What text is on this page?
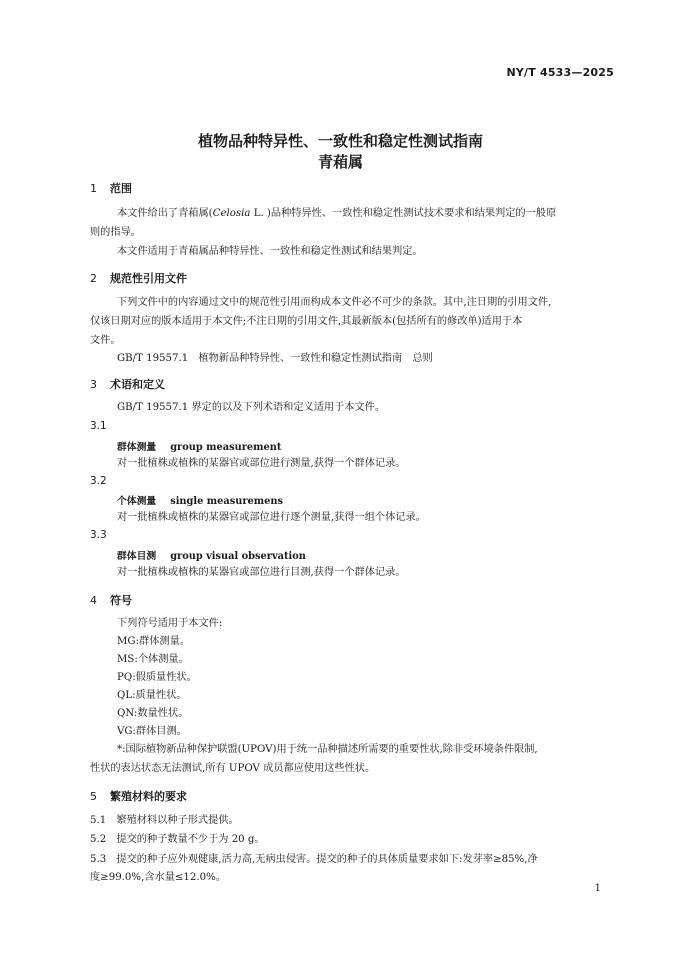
NY/T 4533—2025
植物品种特异性、一致性和稳定性测试指南
青葙属
1 范围
本文件给出了青葙属(Celosia L. )品种特异性、一致性和稳定性测试技术要求和结果判定的一般原
则的指导。
本文件适用于青葙属品种特异性、一致性和稳定性测试和结果判定。
2 规范性引用文件
下列文件中的内容通过文中的规范性引用而构成本文件必不可少的条款。其中,注日期的引用文件,
仅该日期对应的版本适用于本文件;不注日期的引用文件,其最新版本(包括所有的修改单)适用于本
文件。
GB/T 19557.1　植物新品种特异性、一致性和稳定性测试指南　总则
3 术语和定义
GB/T 19557.1 界定的以及下列术语和定义适用于本文件。
3.1
群体测量 group measurement
对一批植株或植株的某器官或部位进行测量,获得一个群体记录。
3.2
个体测量 single measuremens
对一批植株或植株的某器官或部位进行逐个测量,获得一组个体记录。
3.3
群体目测 group visual observation
对一批植株或植株的某器官或部位进行目测,获得一个群体记录。
4 符号
下列符号适用于本文件:
MG:群体测量。
MS:个体测量。
PQ:假质量性状。
QL:质量性状。
QN:数量性状。
VG:群体目测。
*:国际植物新品种保护联盟(UPOV)用于统一品种描述所需要的重要性状,除非受环境条件限制,
性状的表达状态无法测试,所有 UPOV 成员都应使用这些性状。
5 繁殖材料的要求
5.1　繁殖材料以种子形式提供。
5.2　提交的种子数量不少于为 20 g。
5.3　提交的种子应外观健康,活力高,无病虫侵害。提交的种子的具体质量要求如下:发芽率≥85%,净
度≥99.0%,含水量≤12.0%。
1
